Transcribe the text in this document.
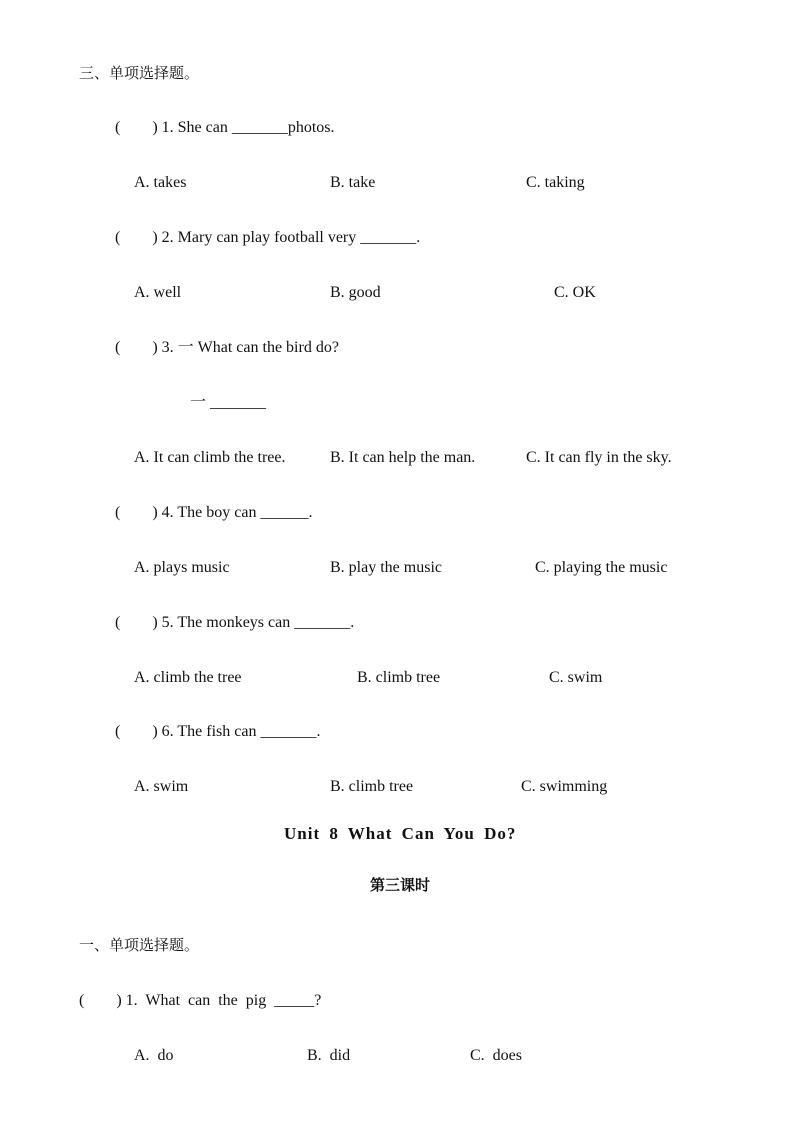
三、单项选择题。
(        ) 1. She can _______photos.
A. takes	B. take	C. taking
(        ) 2. Mary can play football very _______.
A. well	B. good	C. OK
(        ) 3. 一 What can the bird do?
一 _______
A. It can climb the tree.	B. It can help the man.	C. It can fly in the sky.
(        ) 4. The boy can ______.
A. plays music	B. play the music	C. playing the music
(        ) 5. The monkeys can _______.
A. climb the tree	B. climb tree	C. swim
(        ) 6. The fish can _______.
A. swim	B. climb tree	C. swimming
Unit 8 What Can You Do?
第三课时
一、单项选择题。
(        ) 1.  What  can  the  pig  _____?
A.  do	B.  did	C.  does
